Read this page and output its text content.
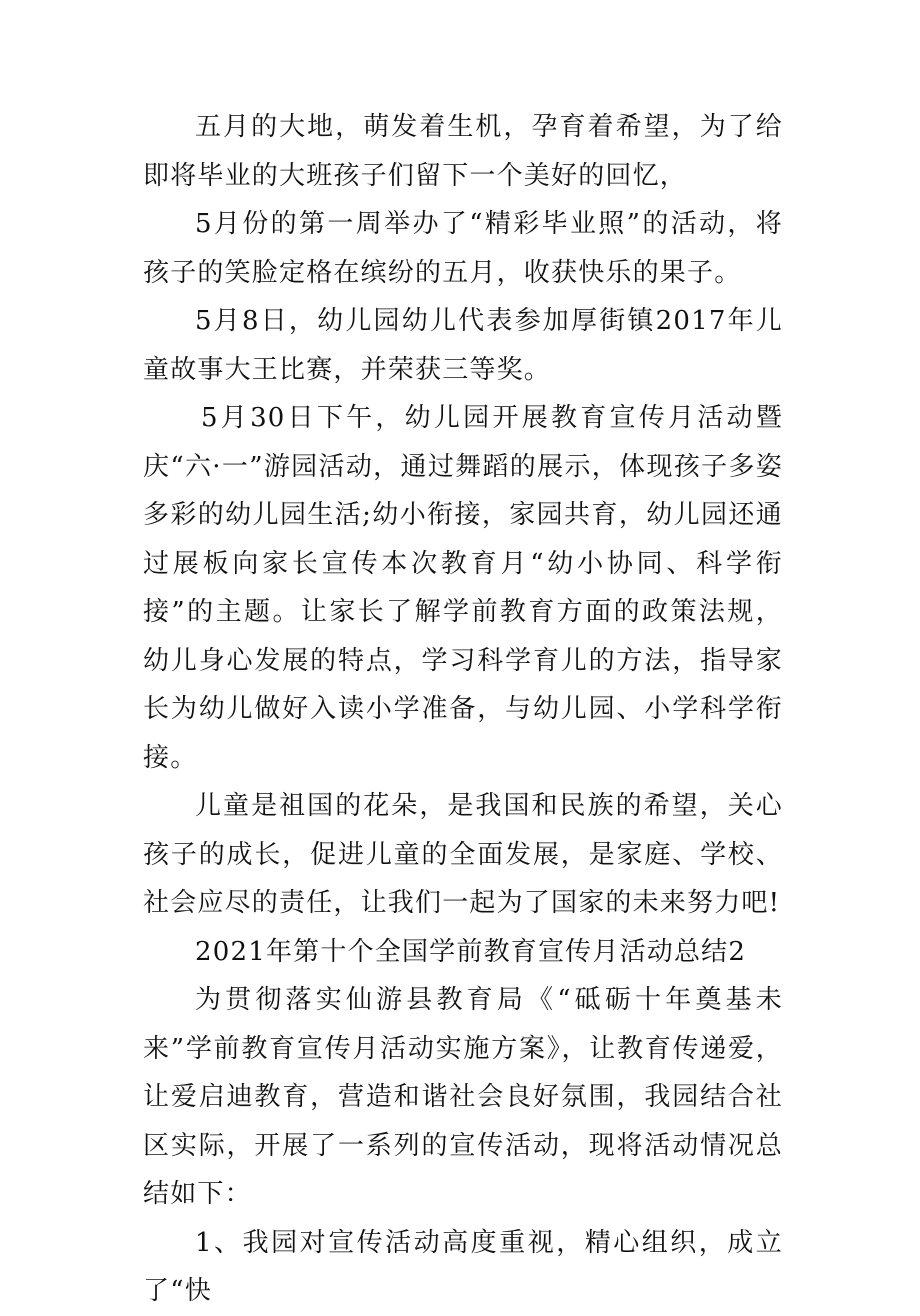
五月的大地，萌发着生机，孕育着希望，为了给即将毕业的大班孩子们留下一个美好的回忆，

5月份的第一周举办了“精彩毕业照”的活动，将孩子的笑脸定格在缤纷的五月，收获快乐的果子。

5月8日，幼儿园幼儿代表参加厚街镇2017年儿童故事大王比赛，并荣获三等奖。

5月30日下午，幼儿园开展教育宣传月活动暨庆“六·一”游园活动，通过舞蹈的展示，体现孩子多姿多彩的幼儿园生活;幼小衔接，家园共育，幼儿园还通过展板向家长宣传本次教育月“幼小协同、科学衔接”的主题。让家长了解学前教育方面的政策法规，幼儿身心发展的特点，学习科学育儿的方法，指导家长为幼儿做好入读小学准备，与幼儿园、小学科学衔接。

儿童是祖国的花朵，是我国和民族的希望，关心孩子的成长，促进儿童的全面发展，是家庭、学校、社会应尽的责任，让我们一起为了国家的未来努力吧!

2021年第十个全国学前教育宣传月活动总结2

为贯彻落实仙游县教育局《“砥砺十年奠基未来”学前教育宣传月活动实施方案》，让教育传递爱，让爱启迪教育，营造和谐社会良好氛围，我园结合社区实际，开展了一系列的宣传活动，现将活动情况总结如下：

1、我园对宣传活动高度重视，精心组织，成立了“快
